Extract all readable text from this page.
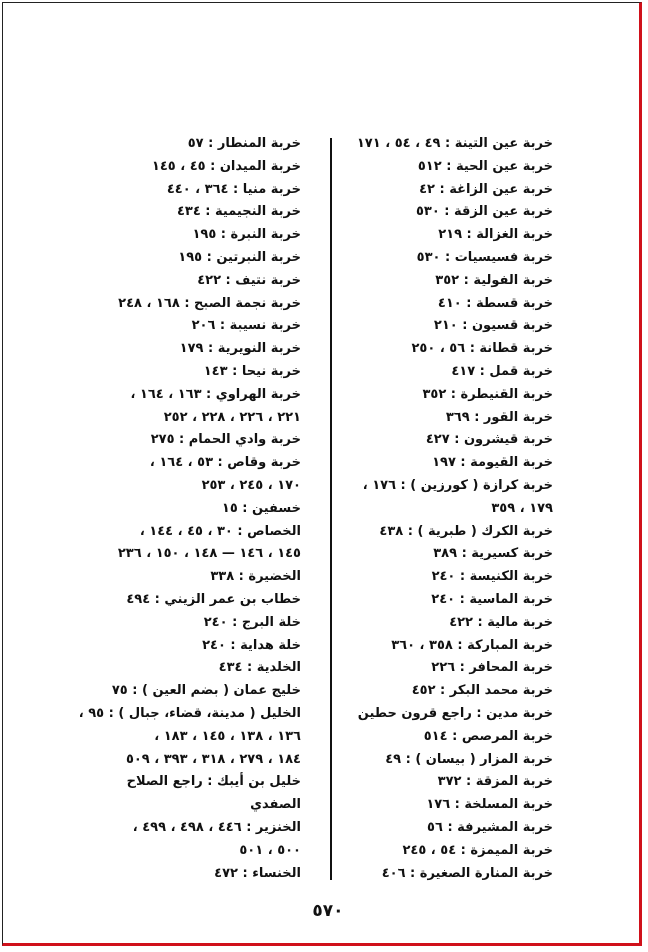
خربة عين التينة : ٤٩ ، ٥٤ ، ١٧١
خربة عين الحية : ٥١٢
خربة عين الزاغة : ٤٢
خربة عين الزقة : ٥٣٠
خربة الغزالة : ٢١٩
خربة فسيسيات : ٥٣٠
خربة الفولية : ٣٥٢
خربة قسطة : ٤١٠
خربة قسيون : ٢١٠
خربة قطانة : ٥٦ ، ٢٥٠
خربة قمل : ٤١٧
خربة القنيطرة : ٣٥٢
خربة القور : ٣٦٩
خربة قيشرون : ٤٢٧
خربة القيومة : ١٩٧
خربة كرازة ( كورزين ) : ١٧٦ ،
١٧٩ ، ٣٥٩
خربة الكرك ( طبرية ) : ٤٣٨
خربة كسيرية : ٣٨٩
خربة الكنيسة : ٢٤٠
خربة الماسية : ٢٤٠
خربة مالية : ٤٢٢
خربة المباركة : ٣٥٨ ، ٣٦٠
خربة المحافر : ٢٢٦
خربة محمد البكر : ٤٥٢
خربة مدين : راجع قرون حطين
خربة المرصص : ٥١٤
خربة المزار ( بيسان ) : ٤٩
خربة المزقة : ٣٧٢
خربة المسلخة : ١٧٦
خربة المشيرفة : ٥٦
خربة الميمزة : ٥٤ ، ٢٤٥
خربة المنارة الصغيرة : ٤٠٦
خربة المنطار : ٥٧
خربة الميدان : ٤٥ ، ١٤٥
خربة منيا : ٣٦٤ ، ٤٤٠
خربة النجيمية : ٤٣٤
خربة النبرة : ١٩٥
خربة النبرتين : ١٩٥
خربة نتيف : ٤٢٢
خربة نجمة الصبح : ١٦٨ ، ٢٤٨
خربة نسيبة : ٢٠٦
خربة النويرية : ١٧٩
خربة نيحا : ١٤٣
خربة الهراوي : ١٦٣ ، ١٦٤ ،
٢٢١ ، ٢٢٦ ، ٢٢٨ ، ٢٥٢
خربة وادي الحمام : ٢٧٥
خربة وقاص : ٥٣ ، ١٦٤ ،
١٧٠ ، ٢٤٥ ، ٢٥٣
خسفين : ١٥
الخصاص : ٣٠ ، ٤٥ ، ١٤٤ ،
١٤٥ ، ١٤٦ — ١٤٨ ، ١٥٠ ، ٢٣٦
الخضيرة : ٣٣٨
خطاب بن عمر الزيني : ٤٩٤
خلة البرج : ٢٤٠
خلة هداية : ٢٤٠
الخلدية : ٤٣٤
خليج عمان ( بضم العين ) : ٧٥
الخليل ( مدينة، قضاء، جبال ) : ٩٥ ،
١٣٦ ، ١٣٨ ، ١٤٥ ، ١٨٣ ،
١٨٤ ، ٢٧٩ ، ٣١٨ ، ٣٩٣ ، ٥٠٩
خليل بن أيبك : راجع الصلاح
الصفدي
الخنزير : ٤٤٦ ، ٤٩٨ ، ٤٩٩ ،
٥٠٠ ، ٥٠١
الخنساء : ٤٧٢
٥٧٠
